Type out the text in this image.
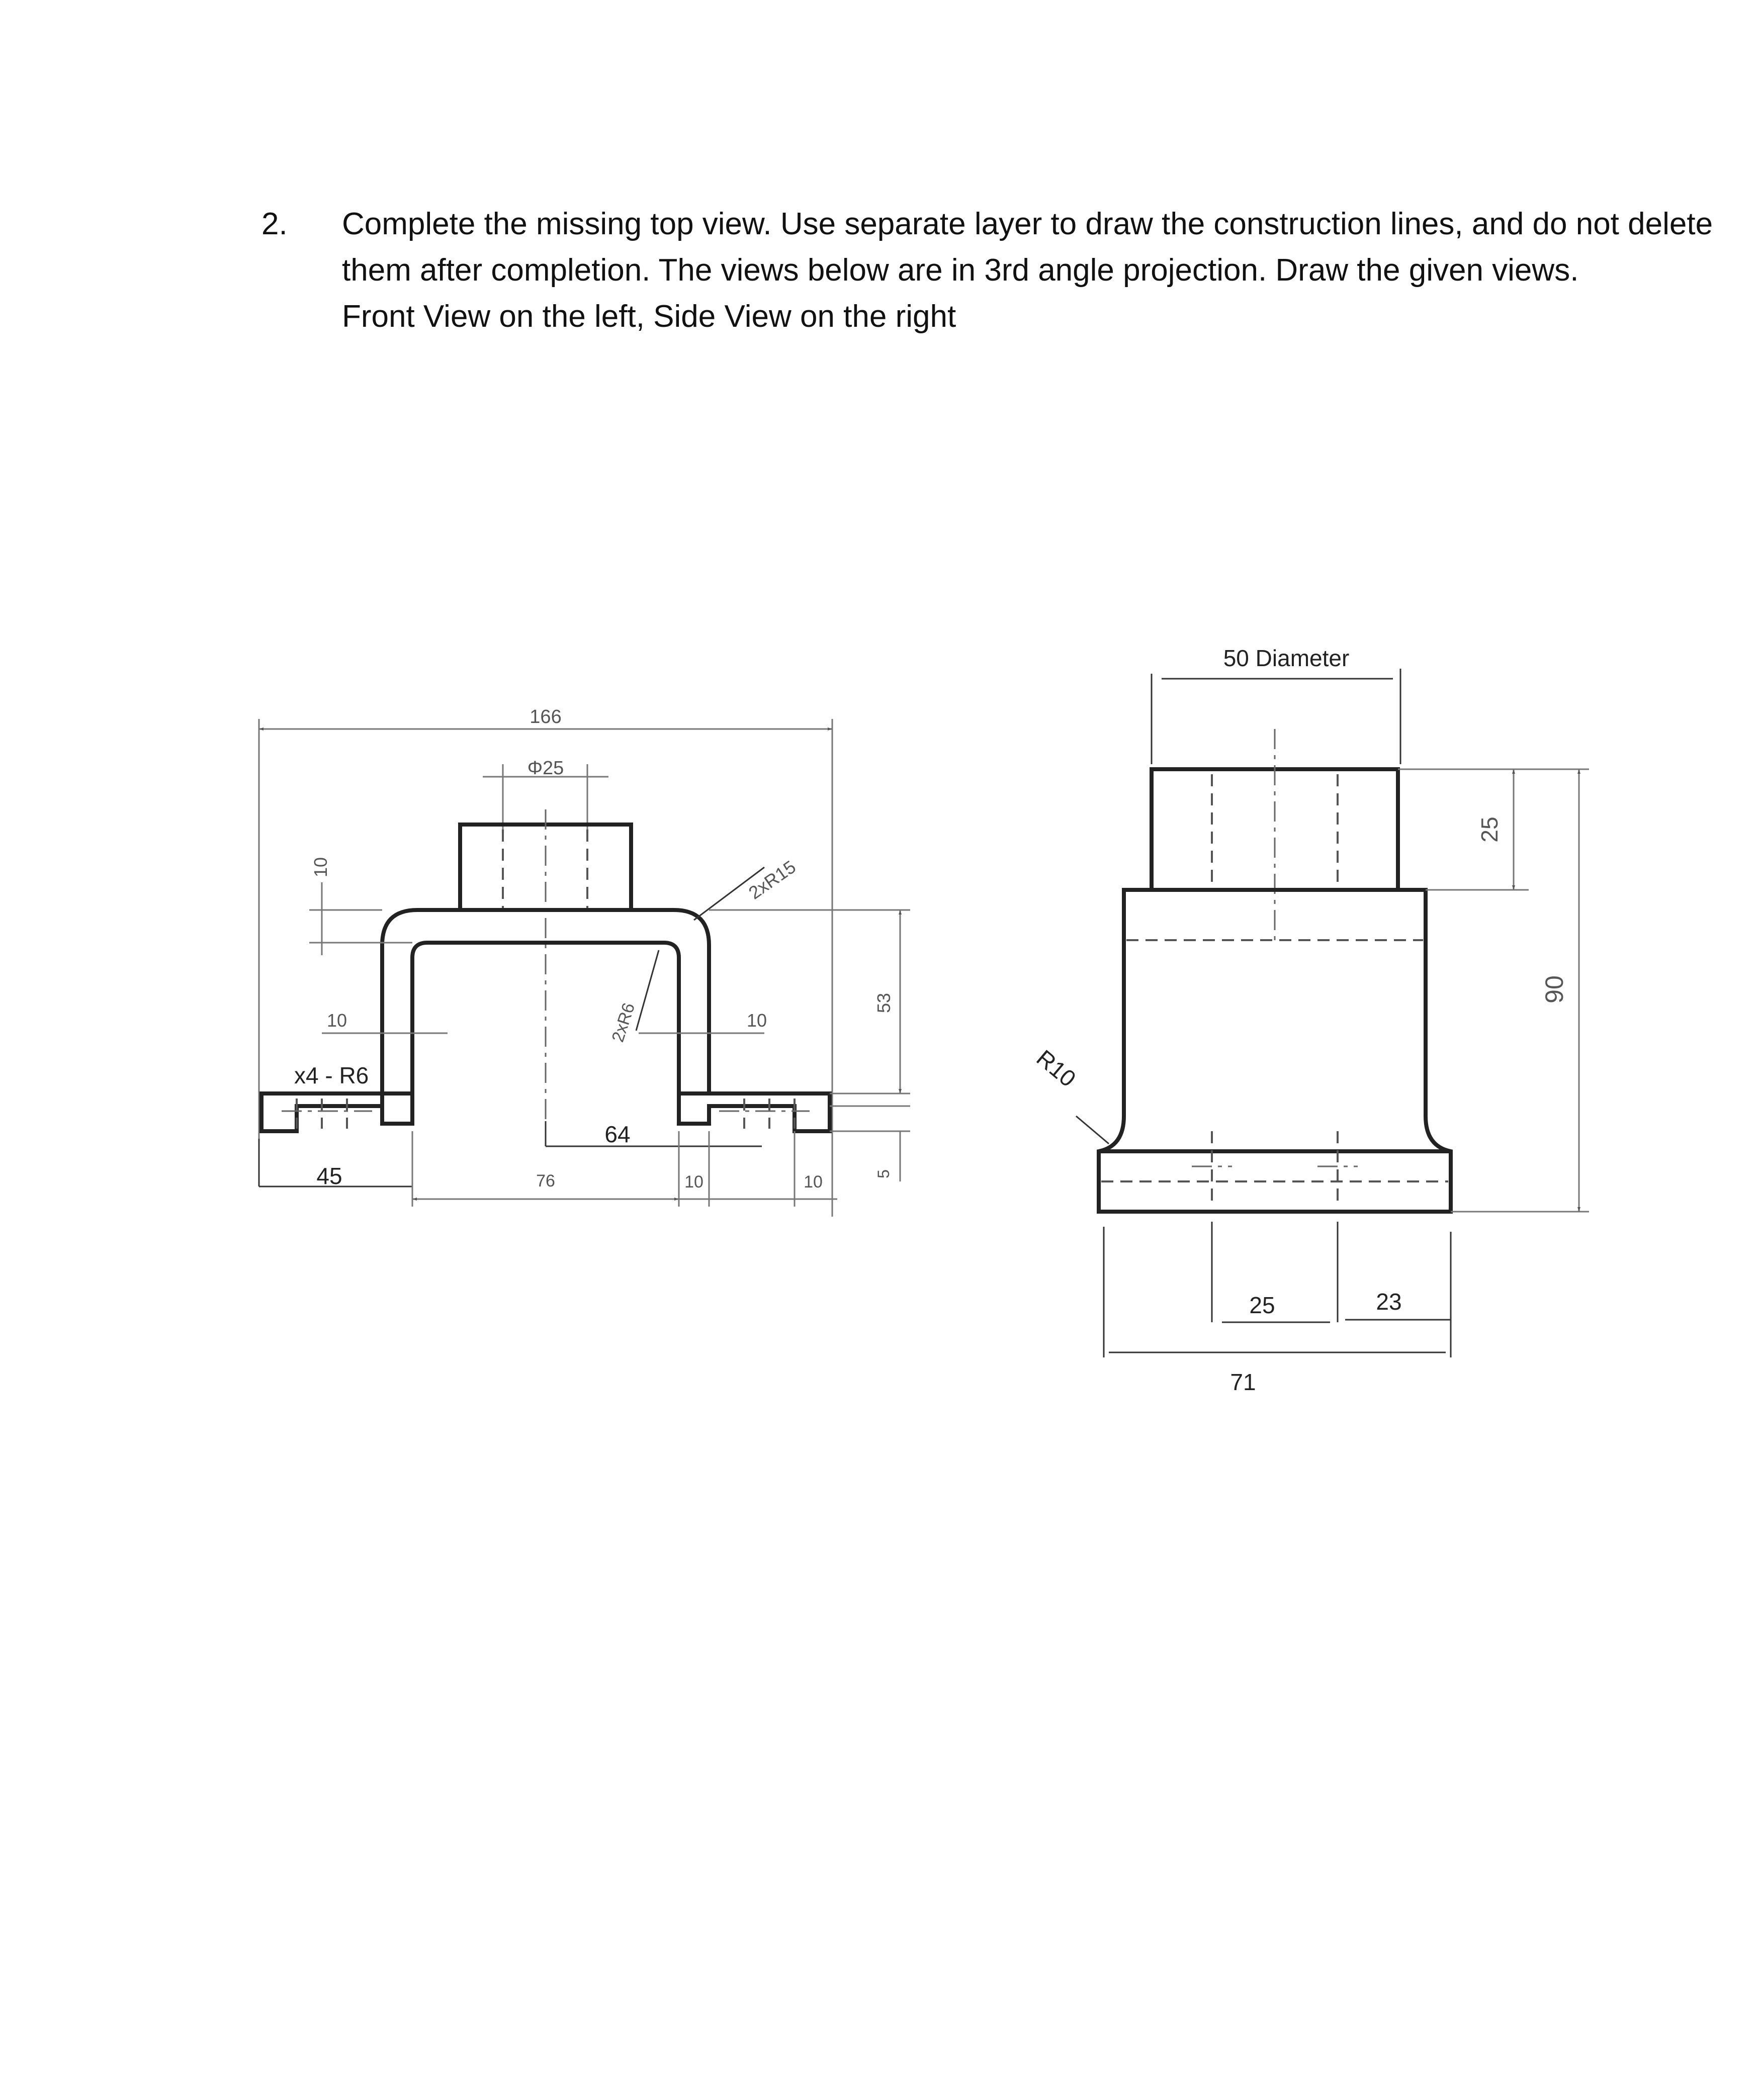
2.	Complete the missing top view. Use separate layer to draw the construction lines, and do not delete them after completion. The views below are in 3rd angle projection. Draw the given views.

Front View on the left, Side View on the right

166
Φ25
10
10
x4 - R6
2xR15
2xR6	10
53
5
64
45	76	10	10
50 Diameter
R10
25
90
25	23
71
